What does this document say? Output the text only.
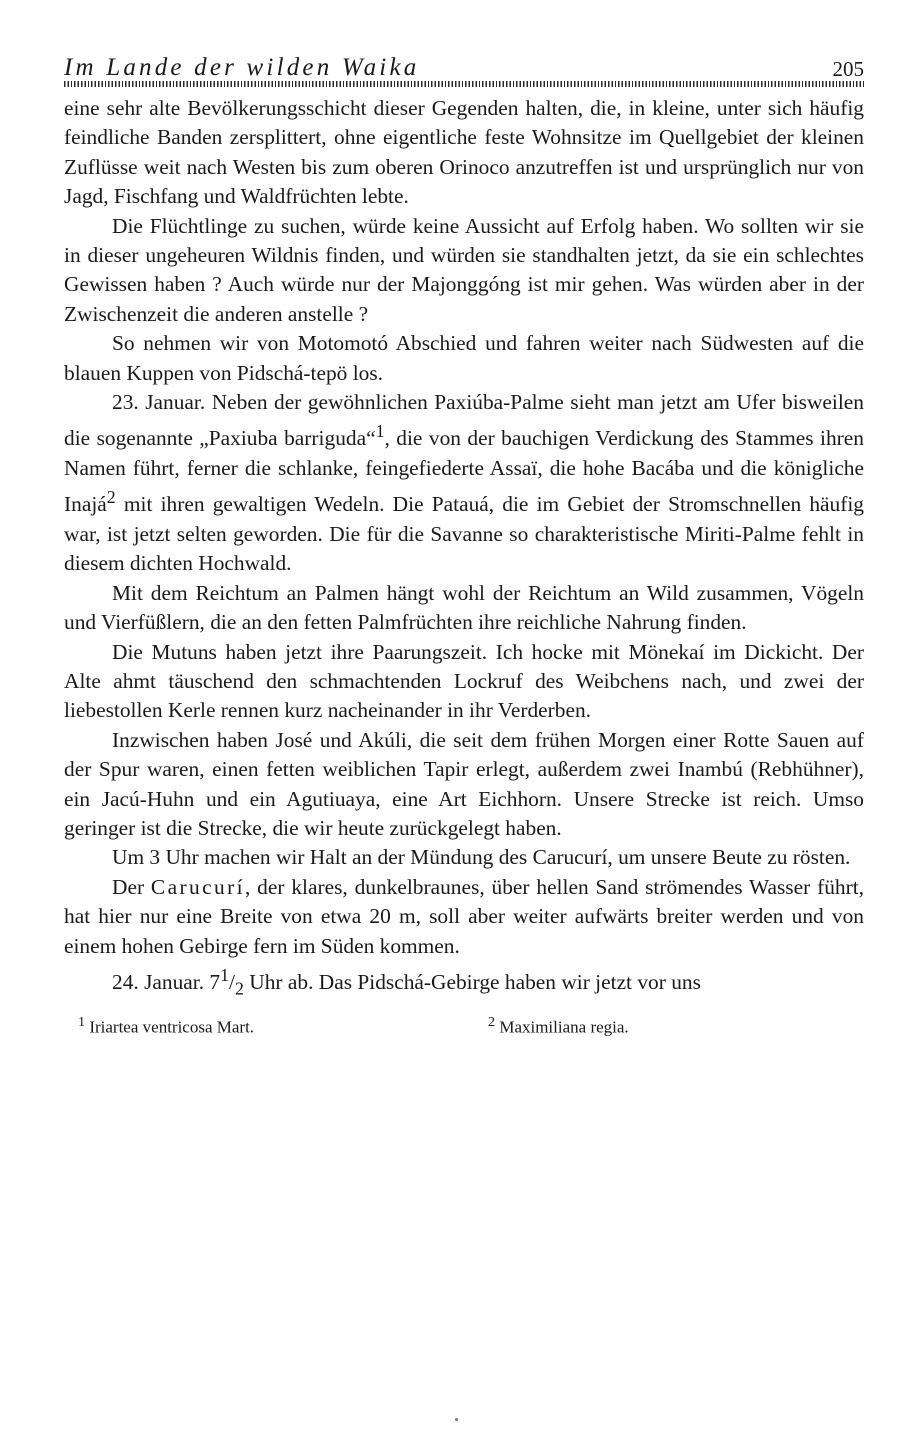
Im Lande der wilden Waika	205

eine sehr alte Bevölkerungsschicht dieser Gegenden halten, die, in kleine, unter sich häufig feindliche Banden zersplittert, ohne eigentliche feste Wohnsitze im Quellgebiet der kleinen Zuflüsse weit nach Westen bis zum oberen Orinoco anzutreffen ist und ursprünglich nur von Jagd, Fischfang und Waldfrüchten lebte.

Die Flüchtlinge zu suchen, würde keine Aussicht auf Erfolg haben. Wo sollten wir sie in dieser ungeheuren Wildnis finden, und würden sie standhalten jetzt, da sie ein schlechtes Gewissen haben ? Auch würde nur der Majonggóng ist mir gehen. Was würden aber in der Zwischenzeit die anderen anstelle ?

So nehmen wir von Motomotó Abschied und fahren weiter nach Südwesten auf die blauen Kuppen von Pidschá-tepö los.

23. Januar. Neben der gewöhnlichen Paxiúba-Palme sieht man jetzt am Ufer bisweilen die sogenannte „Paxiuba barriguda“$^1$, die von der bauchigen Verdickung des Stammes ihren Namen führt, ferner die schlanke, feingefiederte Assaï, die hohe Bacába und die königliche Inajá$^2$ mit ihren gewaltigen Wedeln. Die Patauá, die im Gebiet der Stromschnellen häufig war, ist jetzt selten geworden. Die für die Savanne so charakteristische Miriti-Palme fehlt in diesem dichten Hochwald.

Mit dem Reichtum an Palmen hängt wohl der Reichtum an Wild zusammen, Vögeln und Vierfüßlern, die an den fetten Palmfrüchten ihre reichliche Nahrung finden.

Die Mutuns haben jetzt ihre Paarungszeit. Ich hocke mit Mönekaí im Dickicht. Der Alte ahmt täuschend den schmachtenden Lockruf des Weibchens nach, und zwei der liebestollen Kerle rennen kurz nacheinander in ihr Verderben.

Inzwischen haben José und Akúli, die seit dem frühen Morgen einer Rotte Sauen auf der Spur waren, einen fetten weiblichen Tapir erlegt, außerdem zwei Inambú (Rebhühner), ein Jacú-Huhn und ein Agutiuaya, eine Art Eichhorn. Unsere Strecke ist reich. Umso geringer ist die Strecke, die wir heute zurückgelegt haben.

Um 3 Uhr machen wir Halt an der Mündung des Carucurí, um unsere Beute zu rösten.

Der Carucurí, der klares, dunkelbraunes, über hellen Sand strömendes Wasser führt, hat hier nur eine Breite von etwa 20 m, soll aber weiter aufwärts breiter werden und von einem hohen Gebirge fern im Süden kommen.

24. Januar. $7^1/_2$ Uhr ab. Das Pidschá-Gebirge haben wir jetzt vor uns

$^1$ Iriartea ventricosa Mart.	$^2$ Maximiliana regia.
